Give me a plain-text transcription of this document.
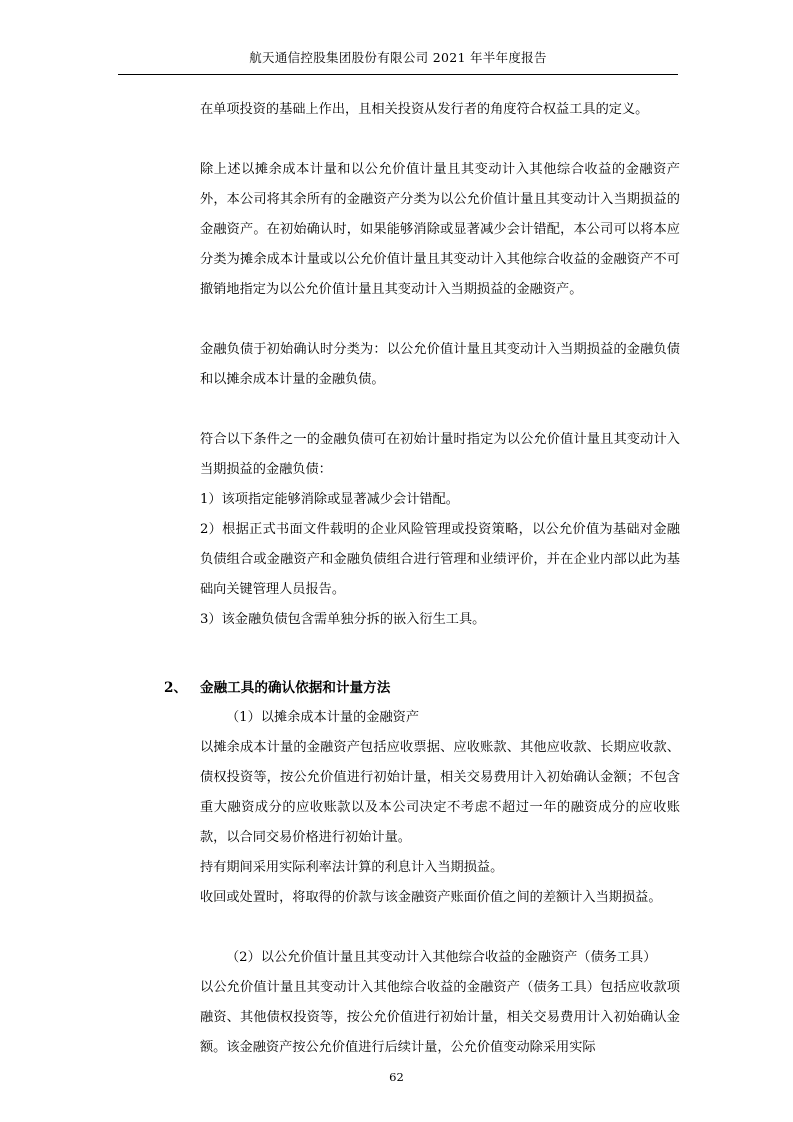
航天通信控股集团股份有限公司 2021 年半年度报告

在单项投资的基础上作出，且相关投资从发行者的角度符合权益工具的定义。

除上述以摊余成本计量和以公允价值计量且其变动计入其他综合收益的金融资产外，本公司将其余所有的金融资产分类为以公允价值计量且其变动计入当期损益的金融资产。在初始确认时，如果能够消除或显著减少会计错配，本公司可以将本应分类为摊余成本计量或以公允价值计量且其变动计入其他综合收益的金融资产不可撤销地指定为以公允价值计量且其变动计入当期损益的金融资产。

金融负债于初始确认时分类为：以公允价值计量且其变动计入当期损益的金融负债和以摊余成本计量的金融负债。

符合以下条件之一的金融负债可在初始计量时指定为以公允价值计量且其变动计入当期损益的金融负债：

1）该项指定能够消除或显著减少会计错配。

2）根据正式书面文件载明的企业风险管理或投资策略，以公允价值为基础对金融负债组合或金融资产和金融负债组合进行管理和业绩评价，并在企业内部以此为基础向关键管理人员报告。

3）该金融负债包含需单独分拆的嵌入衍生工具。

2、 金融工具的确认依据和计量方法

（1）以摊余成本计量的金融资产

以摊余成本计量的金融资产包括应收票据、应收账款、其他应收款、长期应收款、债权投资等，按公允价值进行初始计量，相关交易费用计入初始确认金额；不包含重大融资成分的应收账款以及本公司决定不考虑不超过一年的融资成分的应收账款，以合同交易价格进行初始计量。

持有期间采用实际利率法计算的利息计入当期损益。

收回或处置时，将取得的价款与该金融资产账面价值之间的差额计入当期损益。

（2）以公允价值计量且其变动计入其他综合收益的金融资产（债务工具）

以公允价值计量且其变动计入其他综合收益的金融资产（债务工具）包括应收款项融资、其他债权投资等，按公允价值进行初始计量，相关交易费用计入初始确认金额。该金融资产按公允价值进行后续计量，公允价值变动除采用实际

62
